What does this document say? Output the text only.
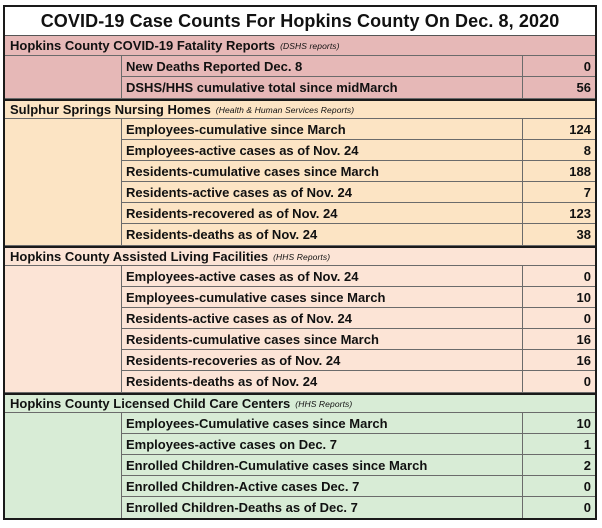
COVID-19 Case Counts For Hopkins County On Dec. 8, 2020
Hopkins County COVID-19 Fatality Reports (DSHS reports)
New Deaths Reported Dec. 8	0
DSHS/HHS cumulative total since midMarch	56
Sulphur Springs Nursing Homes (Health & Human Services Reports)
Employees-cumulative since March	124
Employees-active cases as of Nov. 24	8
Residents-cumulative cases since March	188
Residents-active cases as of Nov. 24	7
Residents-recovered as of Nov. 24	123
Residents-deaths as of Nov. 24	38
Hopkins County Assisted Living Facilities (HHS Reports)
Employees-active cases as of Nov. 24	0
Employees-cumulative cases since March	10
Residents-active cases as of Nov. 24	0
Residents-cumulative cases since March	16
Residents-recoveries as of Nov. 24	16
Residents-deaths as of Nov. 24	0
Hopkins County Licensed Child Care Centers (HHS Reports)
Employees-Cumulative cases since March	10
Employees-active cases on Dec. 7	1
Enrolled Children-Cumulative cases since March	2
Enrolled Children-Active cases Dec. 7	0
Enrolled Children-Deaths as of Dec. 7	0
